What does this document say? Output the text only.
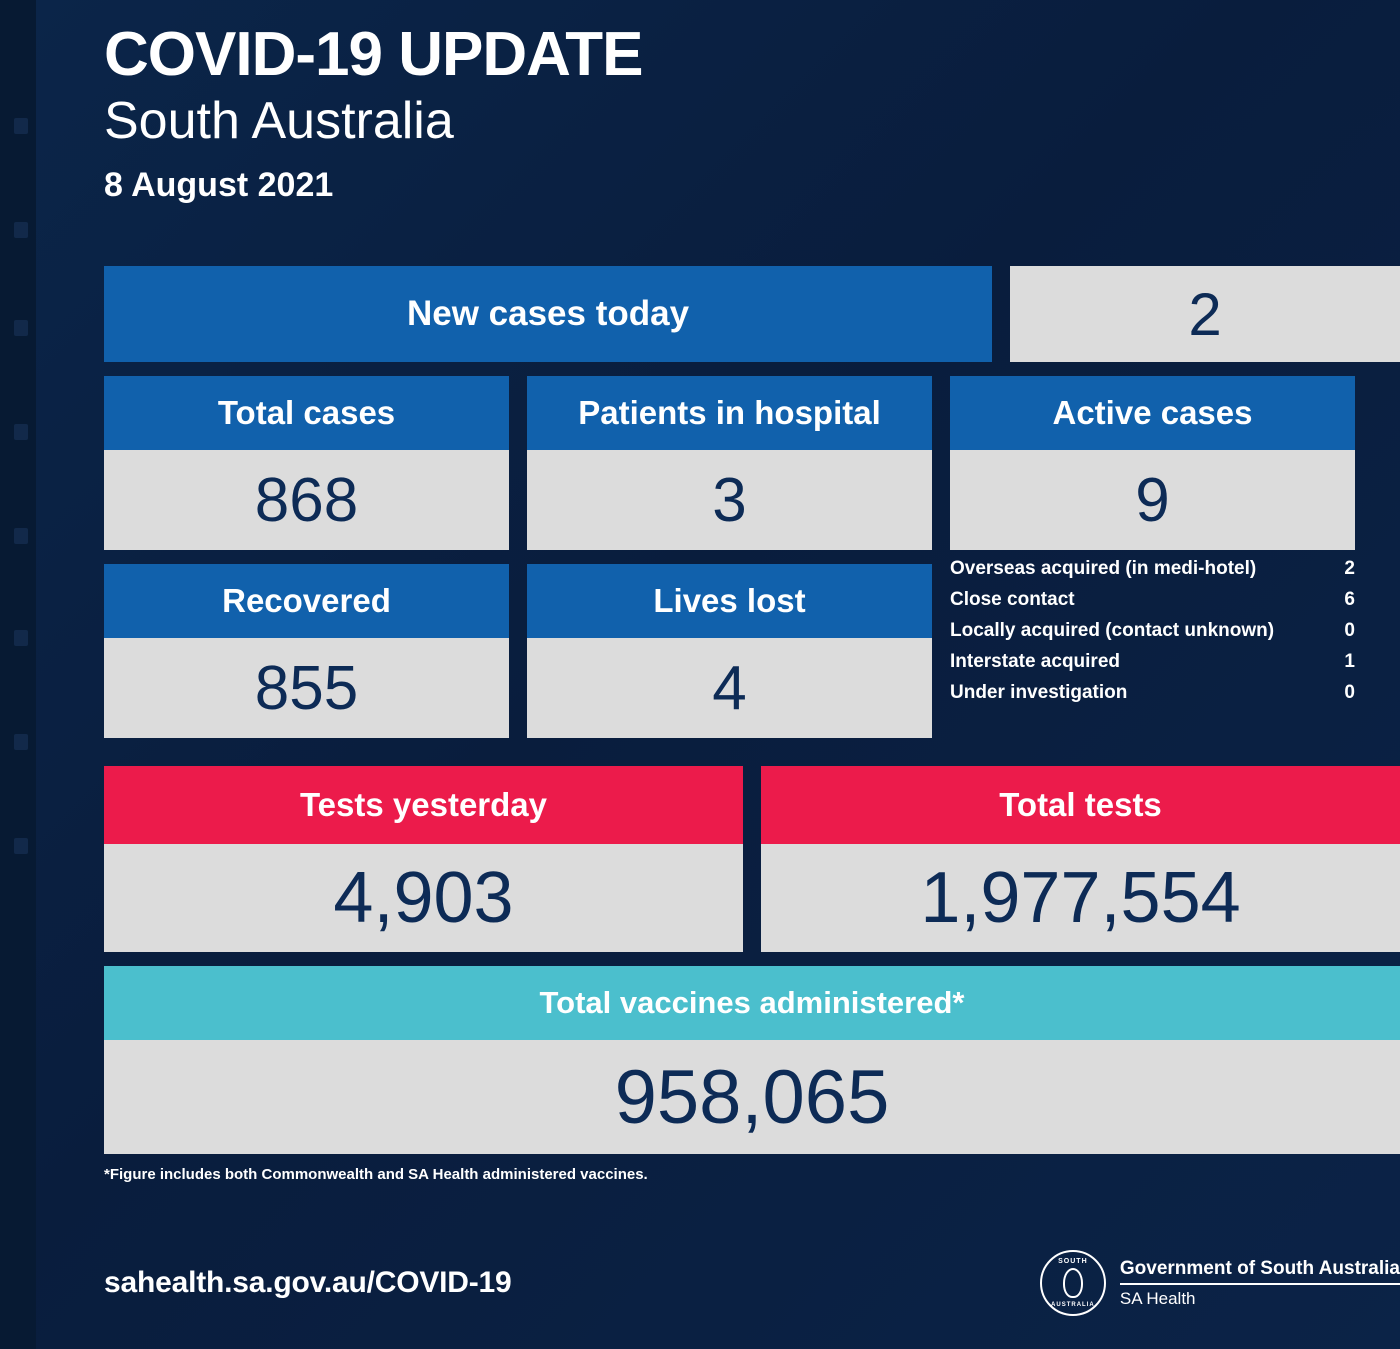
COVID-19 UPDATE
South Australia
8 August 2021
New cases today	2
Total cases
868
Recovered
855
Patients in hospital
3
Lives lost
4
Active cases
9
Overseas acquired (in medi-hotel)	2
Close contact	6
Locally acquired (contact unknown)	0
Interstate acquired	1
Under investigation	0
Tests yesterday
4,903
Total tests
1,977,554
Total vaccines administered*
958,065
*Figure includes both Commonwealth and SA Health administered vaccines.
sahealth.sa.gov.au/COVID-19
SOUTH
AUSTRALIA
Government of South Australia
SA Health
